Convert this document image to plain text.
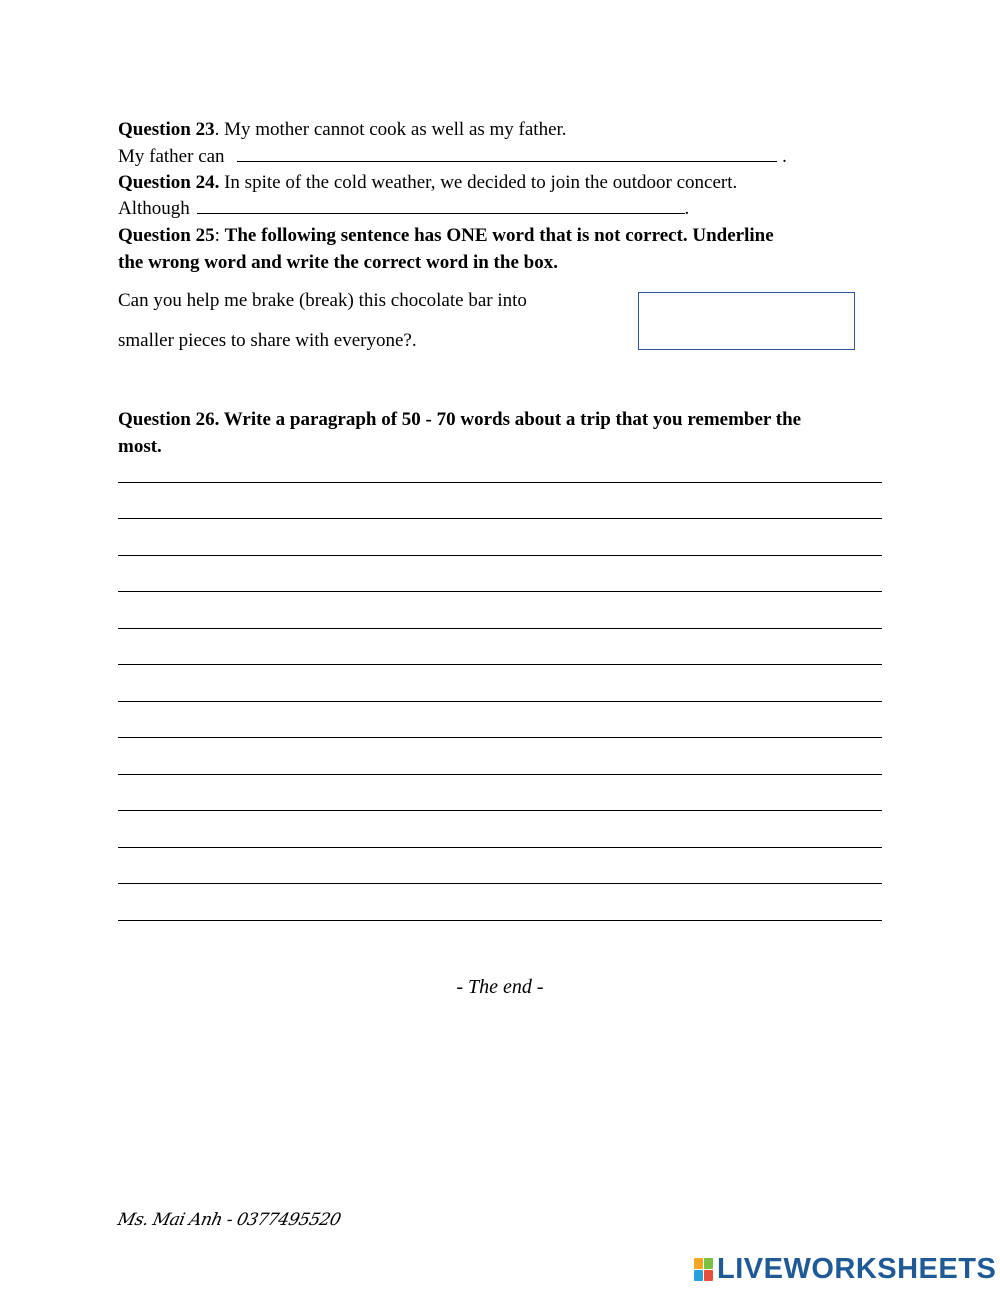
Question 23. My mother cannot cook as well as my father.
My father can	.
Question 24. In spite of the cold weather, we decided to join the outdoor concert.
Although	.
Question 25: The following sentence has ONE word that is not correct. Underline
the wrong word and write the correct word in the box.
Can you help me brake (break) this chocolate bar into
smaller pieces to share with everyone?.
Question 26. Write a paragraph of 50 - 70 words about a trip that you remember the
most.
- The end -
Ms. Mai Anh - 0377495520
LIVEWORKSHEETS
